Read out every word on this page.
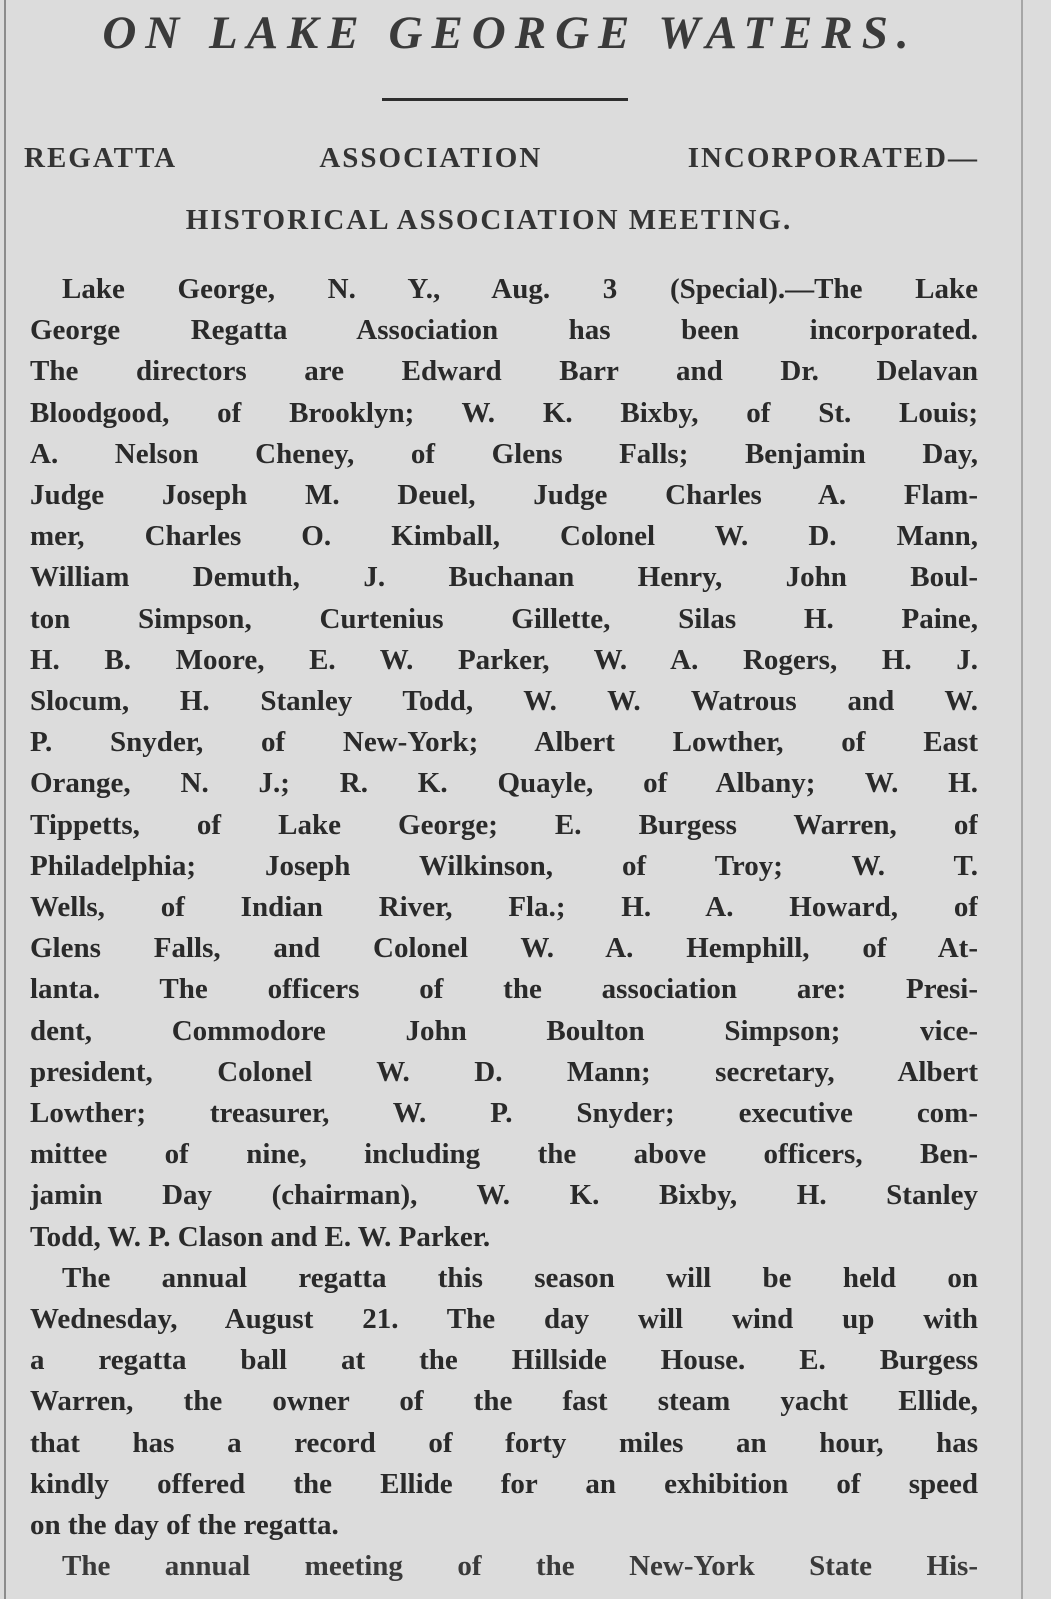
ON LAKE GEORGE WATERS.
REGATTA ASSOCIATION INCORPORATED—
HISTORICAL ASSOCIATION MEETING.
Lake George, N. Y., Aug. 3 (Special).—The Lake
George Regatta Association has been incorporated.
The directors are Edward Barr and Dr. Delavan
Bloodgood, of Brooklyn; W. K. Bixby, of St. Louis;
A. Nelson Cheney, of Glens Falls; Benjamin Day,
Judge Joseph M. Deuel, Judge Charles A. Flam-
mer, Charles O. Kimball, Colonel W. D. Mann,
William Demuth, J. Buchanan Henry, John Boul-
ton Simpson, Curtenius Gillette, Silas H. Paine,
H. B. Moore, E. W. Parker, W. A. Rogers, H. J.
Slocum, H. Stanley Todd, W. W. Watrous and W.
P. Snyder, of New-York; Albert Lowther, of East
Orange, N. J.; R. K. Quayle, of Albany; W. H.
Tippetts, of Lake George; E. Burgess Warren, of
Philadelphia; Joseph Wilkinson, of Troy; W. T.
Wells, of Indian River, Fla.; H. A. Howard, of
Glens Falls, and Colonel W. A. Hemphill, of At-
lanta. The officers of the association are: Presi-
dent, Commodore John Boulton Simpson; vice-
president, Colonel W. D. Mann; secretary, Albert
Lowther; treasurer, W. P. Snyder; executive com-
mittee of nine, including the above officers, Ben-
jamin Day (chairman), W. K. Bixby, H. Stanley
Todd, W. P. Clason and E. W. Parker.
The annual regatta this season will be held on
Wednesday, August 21. The day will wind up with
a regatta ball at the Hillside House. E. Burgess
Warren, the owner of the fast steam yacht Ellide,
that has a record of forty miles an hour, has
kindly offered the Ellide for an exhibition of speed
on the day of the regatta.
The annual meeting of the New-York State His-
